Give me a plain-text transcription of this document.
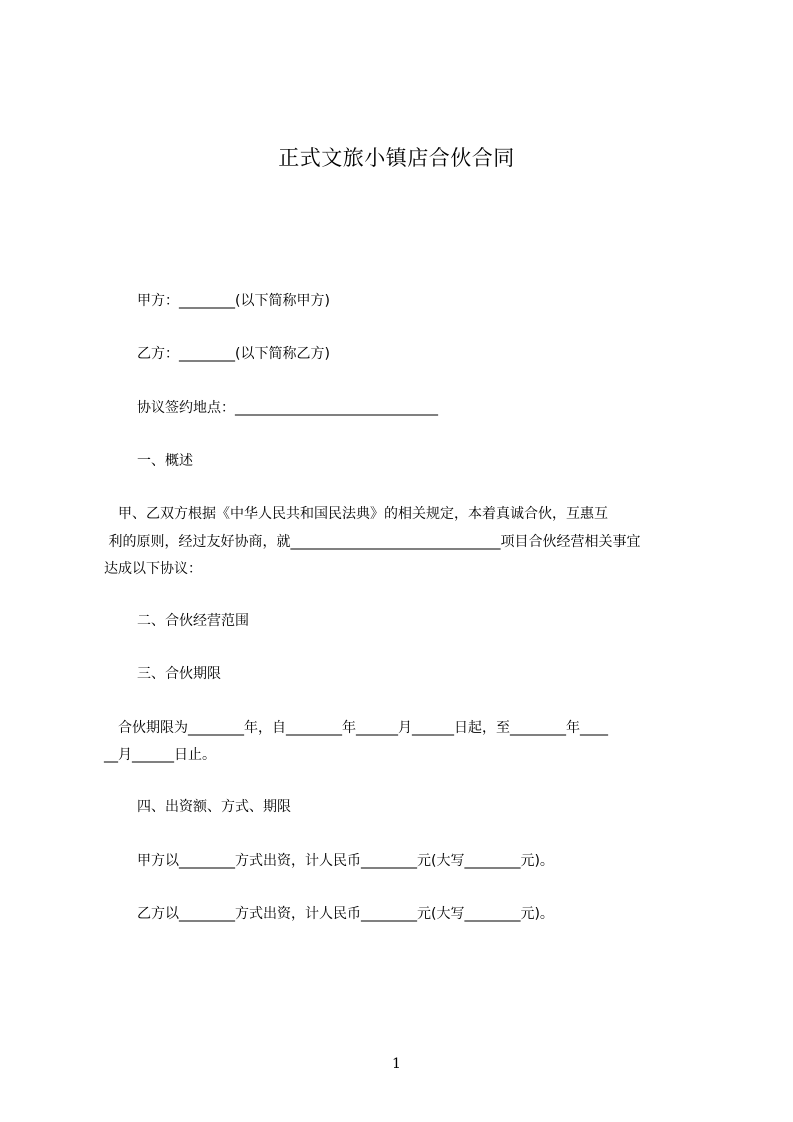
正式文旅小镇店合伙合同
甲方：________(以下简称甲方)
乙方：________(以下简称乙方)
协议签约地点：_____________________________
一、概述
　甲、乙双方根据《中华人民共和国民法典》的相关规定，本着真诚合伙，互惠互
利的原则，经过友好协商，就______________________________项目合伙经营相关事宜
达成以下协议：
二、合伙经营范围
三、合伙期限
　合伙期限为________年，自________年______月______日起，至________年____
__月______日止。
四、出资额、方式、期限
甲方以________方式出资，计人民币________元(大写________元)。
乙方以________方式出资，计人民币________元(大写________元)。
1
